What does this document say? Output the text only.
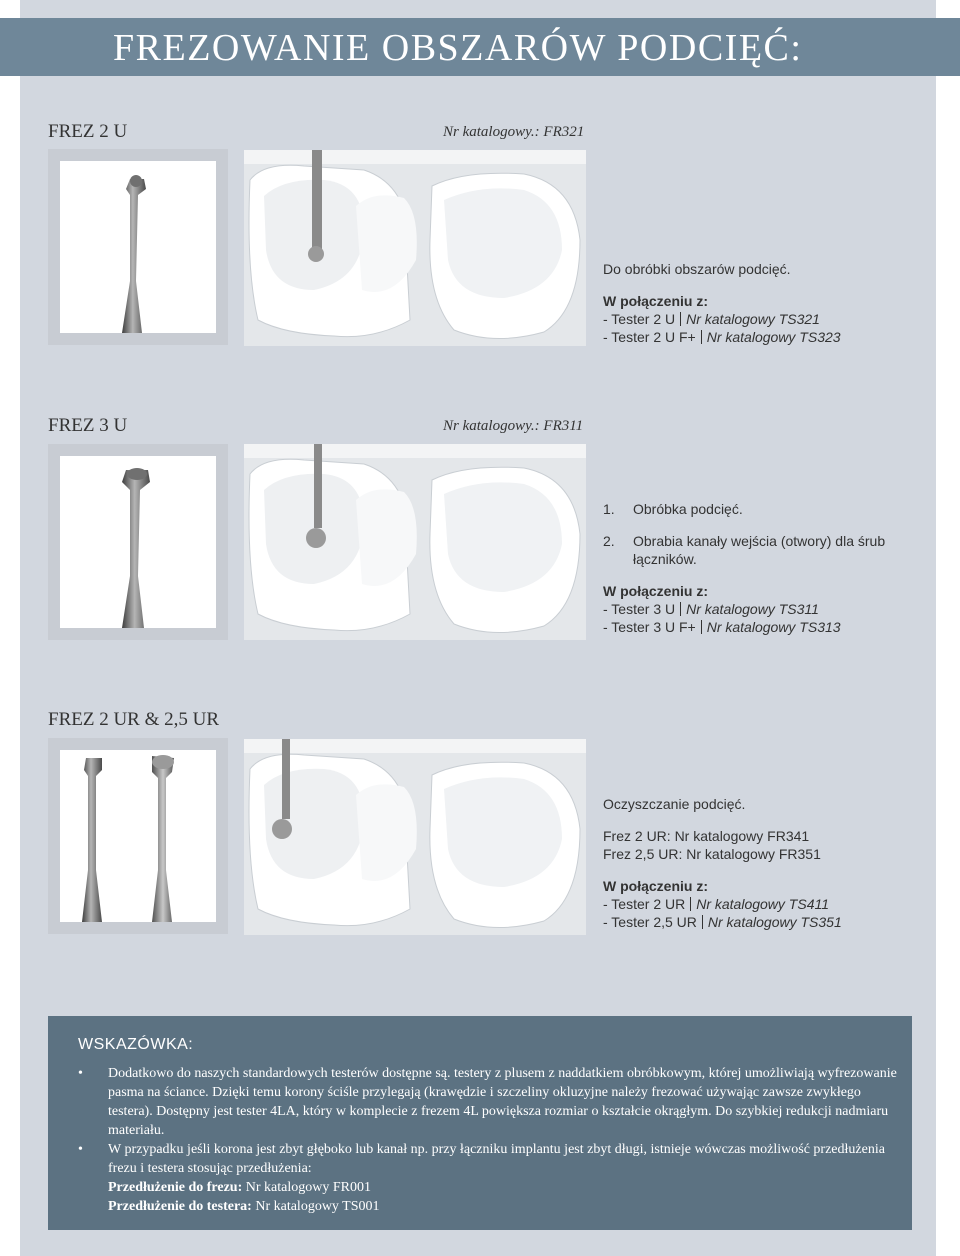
FREZOWANIE OBSZARÓW PODCIĘĆ:
FREZ 2 U	Nr katalogowy.: FR321
Do obróbki obszarów podcięć.
W połączeniu z:
- Tester 2 U Nr katalogowy TS321
- Tester 2 U F+ Nr katalogowy TS323
FREZ 3 U	Nr katalogowy.: FR311
1. Obróbka podcięć.
2. Obrabia kanały wejścia (otwory) dla śrub łączników.
W połączeniu z:
- Tester 3 U Nr katalogowy TS311
- Tester 3 U F+ Nr katalogowy TS313
FREZ 2 UR & 2,5 UR
Oczyszczanie podcięć.
Frez 2 UR: Nr katalogowy FR341
Frez 2,5 UR: Nr katalogowy FR351
W połączeniu z:
- Tester 2 UR Nr katalogowy TS411
- Tester 2,5 UR Nr katalogowy TS351
WSKAZÓWKA:
• Dodatkowo do naszych standardowych testerów dostępne są. testery z plusem z naddatkiem obróbkowym, której umożliwiają wyfrezowanie pasma na ściance. Dzięki temu korony ściśle przylegają (krawędzie i szczeliny okluzyjne należy frezować używając zawsze zwykłego testera). Dostępny jest tester 4LA, który w komplecie z frezem 4L powiększa rozmiar o kształcie okrągłym. Do szybkiej redukcji nadmiaru materiału.
• W przypadku jeśli korona jest zbyt głęboko lub kanał np. przy łączniku implantu jest zbyt długi, istnieje wówczas możliwość przedłużenia frezu i testera stosując przedłużenia:
Przedłużenie do frezu: Nr katalogowy FR001
Przedłużenie do testera: Nr katalogowy TS001
